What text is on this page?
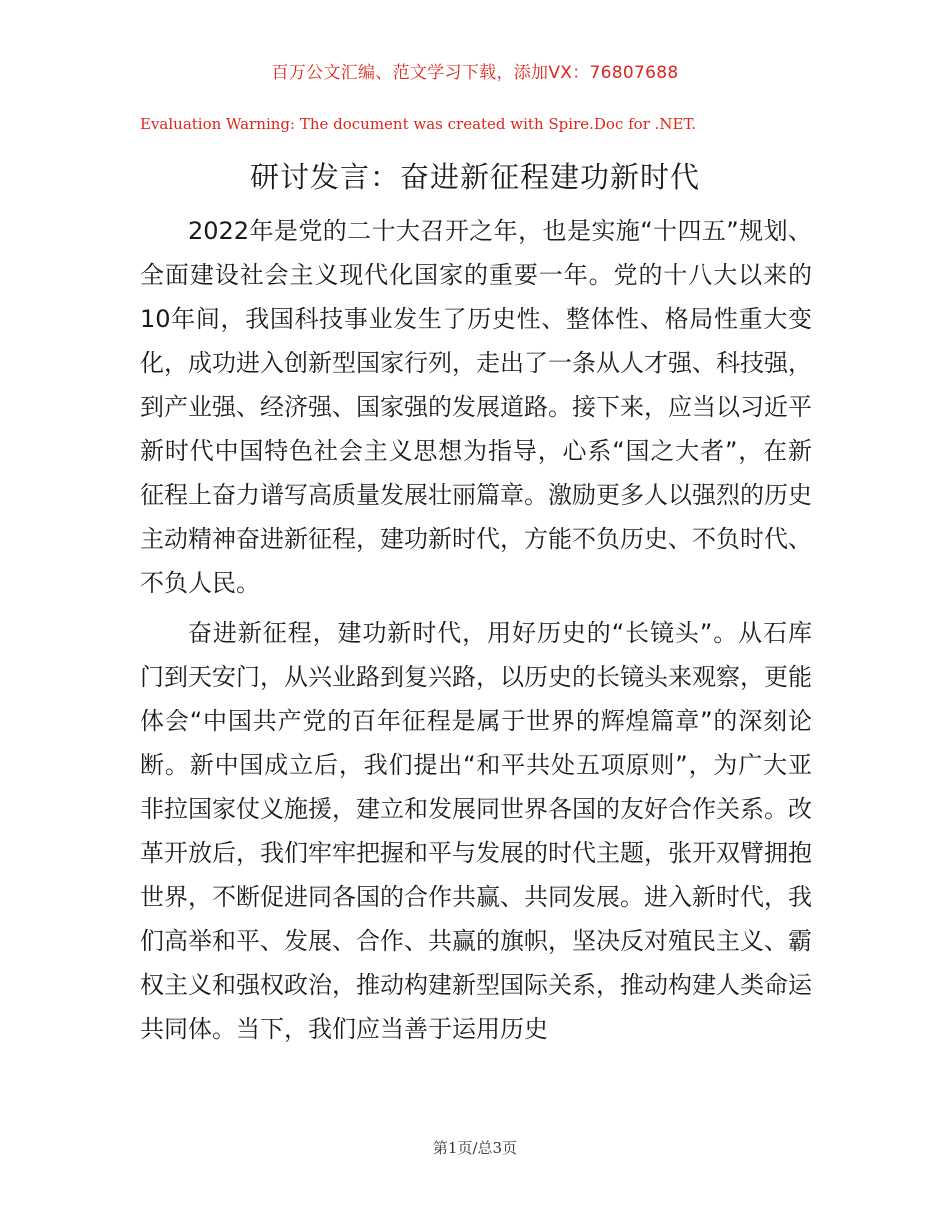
百万公文汇编、范文学习下载，添加VX：76807688

Evaluation Warning: The document was created with Spire.Doc for .NET.

研讨发言：奋进新征程建功新时代

2022年是党的二十大召开之年，也是实施“十四五”规划、全面建设社会主义现代化国家的重要一年。党的十八大以来的10年间，我国科技事业发生了历史性、整体性、格局性重大变化，成功进入创新型国家行列，走出了一条从人才强、科技强，到产业强、经济强、国家强的发展道路。接下来，应当以习近平新时代中国特色社会主义思想为指导，心系“国之大者”，在新征程上奋力谱写高质量发展壮丽篇章。激励更多人以强烈的历史主动精神奋进新征程，建功新时代，方能不负历史、不负时代、不负人民。

奋进新征程，建功新时代，用好历史的“长镜头”。从石库门到天安门，从兴业路到复兴路，以历史的长镜头来观察，更能体会“中国共产党的百年征程是属于世界的辉煌篇章”的深刻论断。新中国成立后，我们提出“和平共处五项原则”，为广大亚非拉国家仗义施援，建立和发展同世界各国的友好合作关系。改革开放后，我们牢牢把握和平与发展的时代主题，张开双臂拥抱世界，不断促进同各国的合作共赢、共同发展。进入新时代，我们高举和平、发展、合作、共赢的旗帜，坚决反对殖民主义、霸权主义和强权政治，推动构建新型国际关系，推动构建人类命运共同体。当下，我们应当善于运用历史

第1页/总3页
